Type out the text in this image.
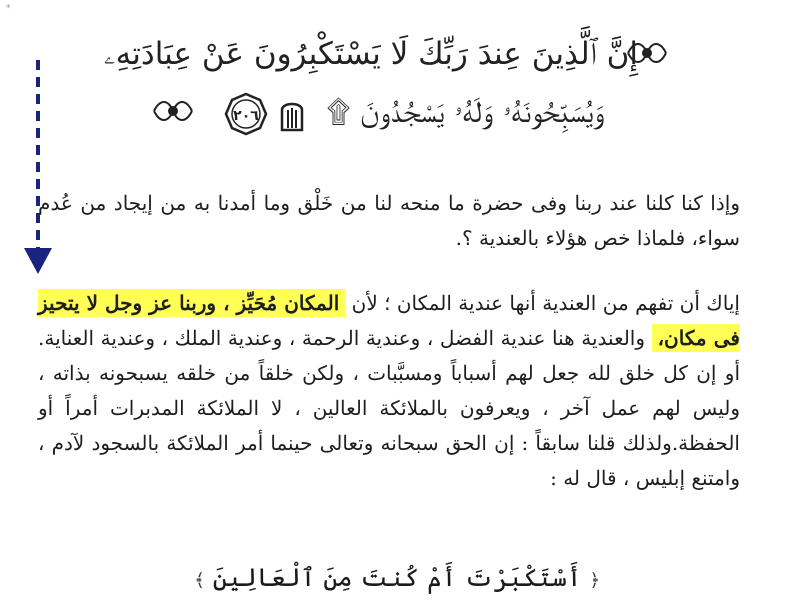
*
إِنَّ ٱلَّذِينَ عِندَ رَبِّكَ لَا يَسْتَكْبِرُونَ عَنْ عِبَادَتِهِۦ
٢٠٦ وَيُسَبِّحُونَهُۥ وَلَهُۥ يَسْجُدُونَ ۩
وإذا كنا كلنا عند ربنا وفى حضرة ما منحه لنا من خَلْق وما أمدنا به من إيجاد من عُدم سواء، فلماذا خص هؤلاء بالعندية ؟.
إياك أن تفهم من العندية أنها عندية المكان ؛ لأن المكان مُحَيِّز ، وربنا عز وجل لا يتحيز فى مكان، والعندية هنا عندية الفضل ، وعندية الرحمة ، وعندية الملك ، وعندية العناية. أو إن كل خلق لله جعل لهم أسباباً ومسبَّبات ، ولكن خلقاً من خلقه يسبحونه بذاته ، وليس لهم عمل آخر ، ويعرفون بالملائكة العالين ، لا الملائكة المدبرات أمراً أو الحفظة.ولذلك قلنا سابقاً : إن الحق سبحانه وتعالى حينما أمر الملائكة بالسجود لآدم ، وامتنع إبليس ، قال له :
﴿ أَسْتَكْبَرْتَ أَمْ كُنتَ مِنَ ٱلْعَالِينَ ﴾
